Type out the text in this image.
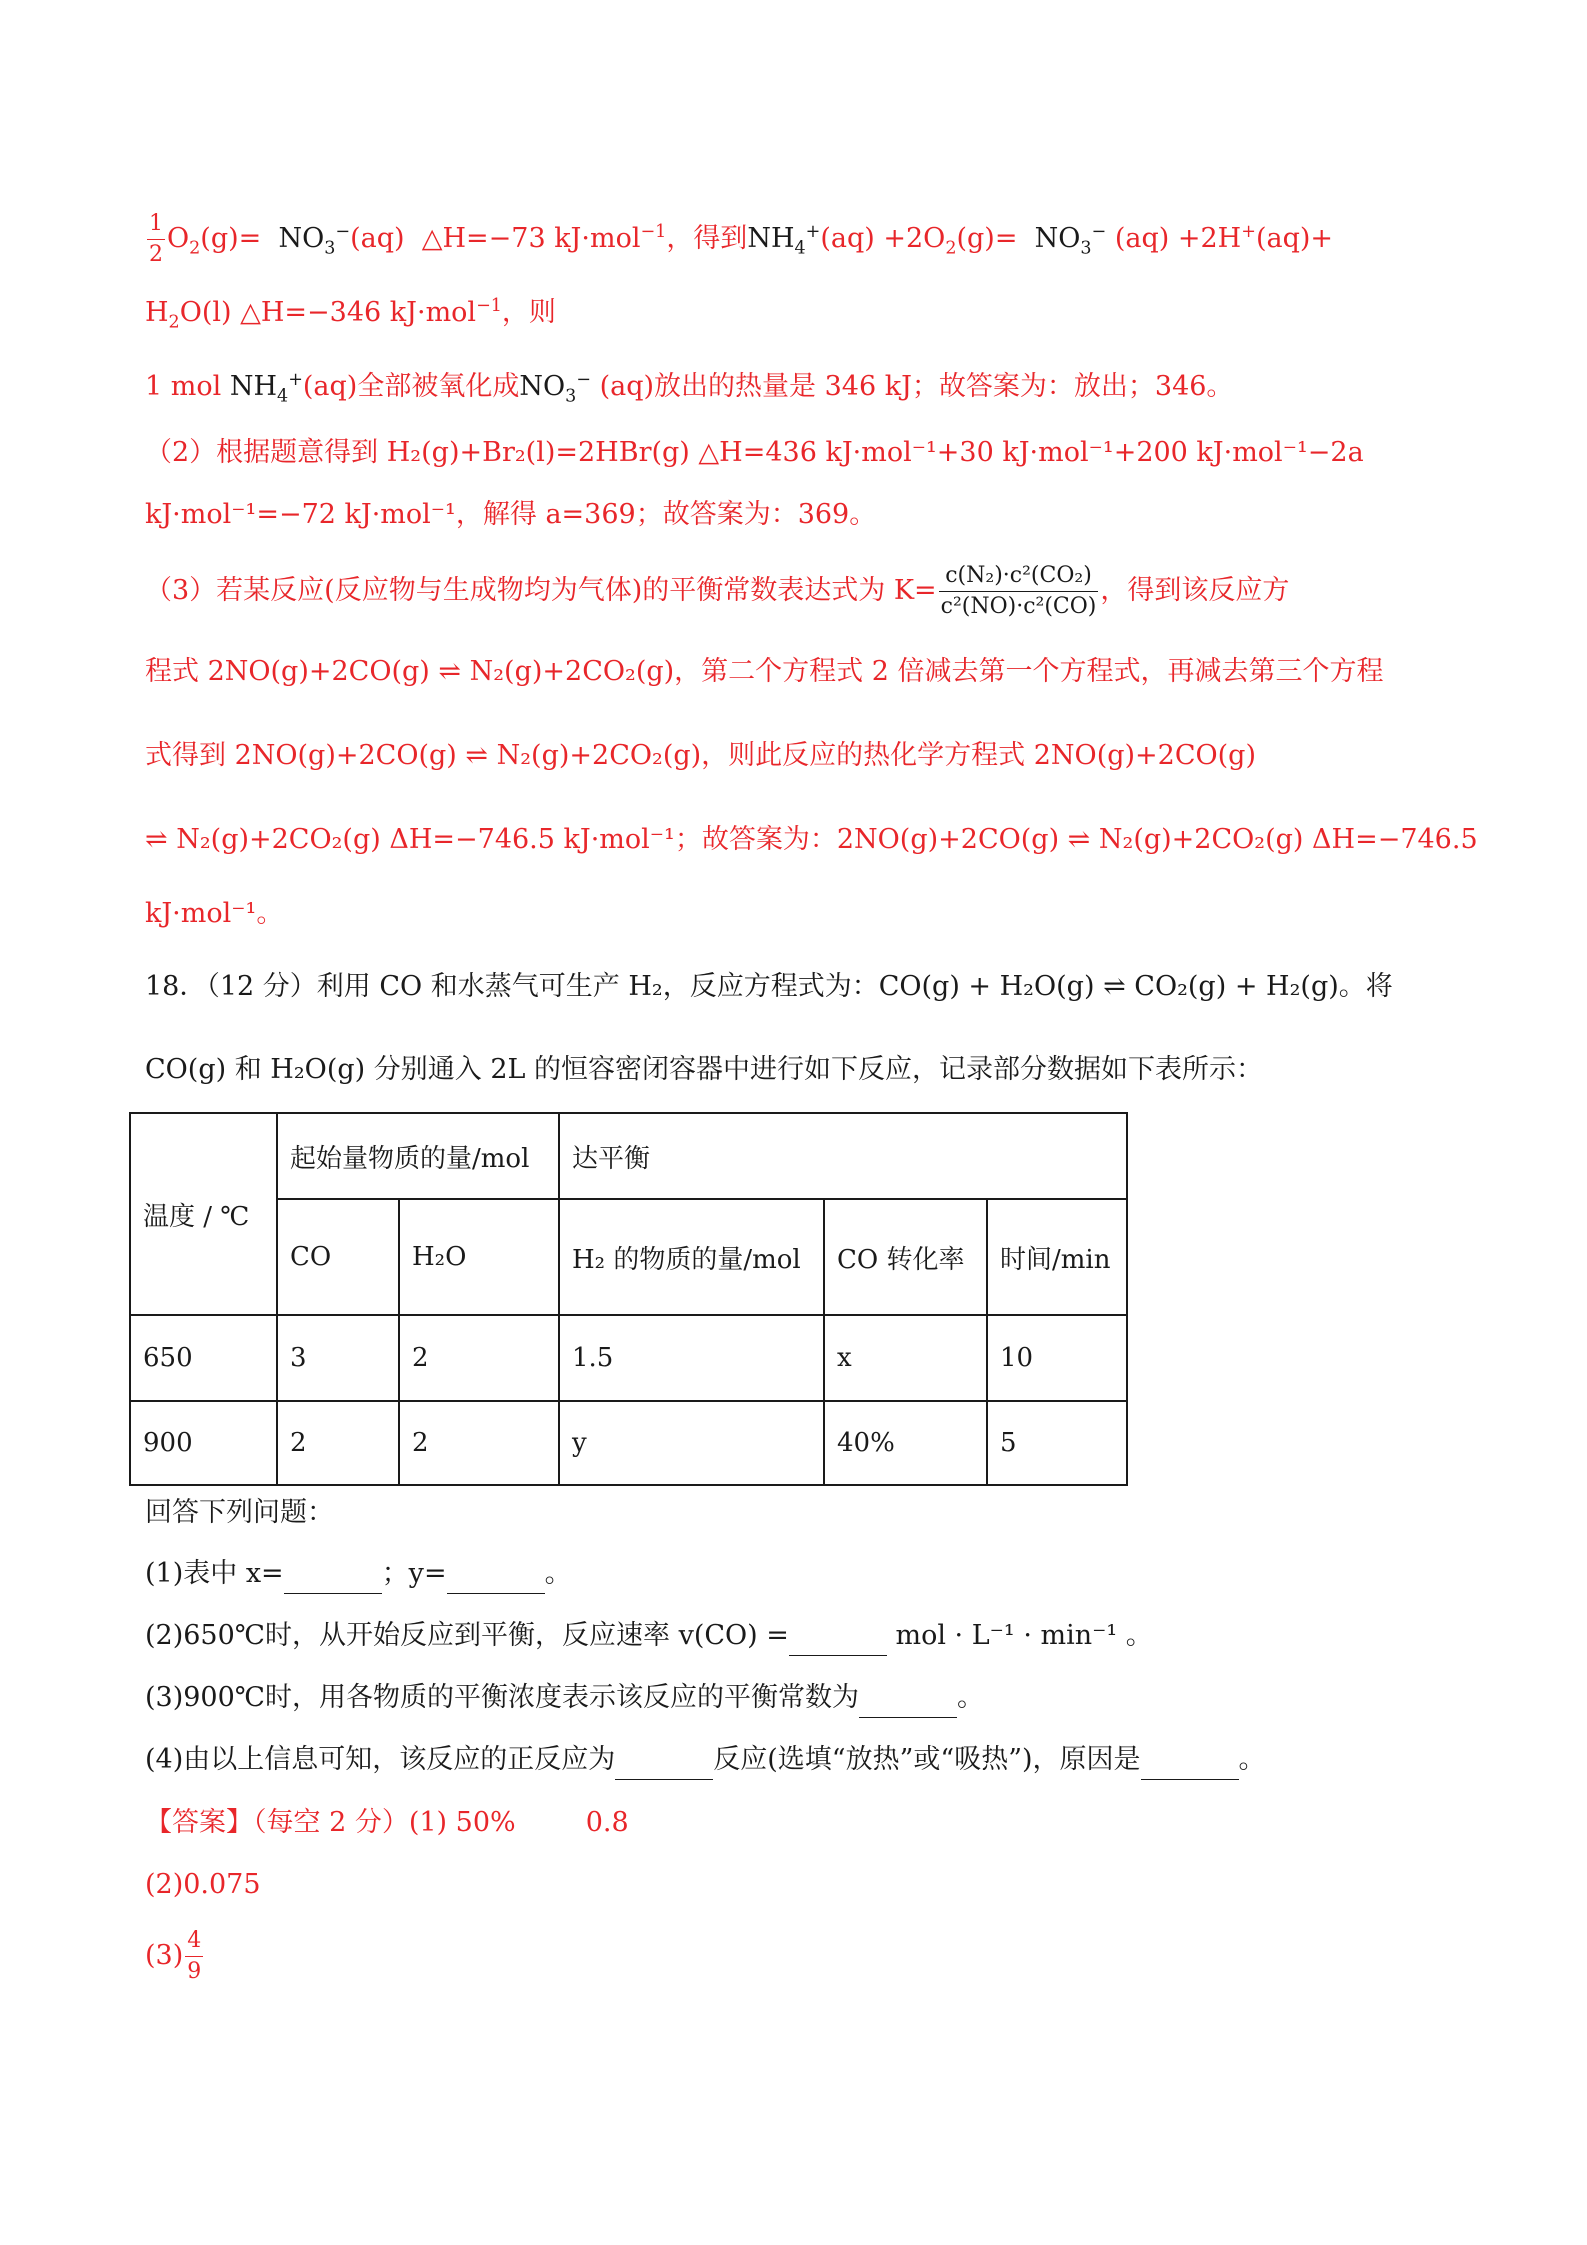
$\frac{1}{2} O_2(g)= NO_3^-(aq)$ △H=−73 kJ·mol$^{-1}$，得到$NH_4^+(aq) +2O_2(g)= NO_3^-$ (aq) +2H+(aq)+
$H_2O(l)$ △H=−346 kJ·mol$^{-1}$，则
1 mol $NH_4^+(aq)$全部被氧化成$NO_3^-$ (aq)放出的热量是 346 kJ；故答案为：放出；346。
（2）根据题意得到 H₂(g)+Br₂(l)=2HBr(g) △H=436 kJ·mol⁻¹+30 kJ·mol⁻¹+200 kJ·mol⁻¹−2a
kJ·mol⁻¹=−72 kJ·mol⁻¹，解得 a=369；故答案为：369。
（3）若某反应(反应物与生成物均为气体)的平衡常数表达式为 $K= \frac{\text{c(N₂)·c²(CO₂)}}{\text{c²(NO)·c²(CO)}}$ ，得到该反应方
程式 2NO(g)+2CO(g) ⇌ N₂(g)+2CO₂(g)，第二个方程式 2 倍减去第一个方程式，再减去第三个方程
式得到 2NO(g)+2CO(g) ⇌ N₂(g)+2CO₂(g)，则此反应的热化学方程式 2NO(g)+2CO(g)
⇌ N₂(g)+2CO₂(g) ΔH=−746.5 kJ·mol⁻¹；故答案为：2NO(g)+2CO(g) ⇌ N₂(g)+2CO₂(g) ΔH=−746.5
kJ·mol⁻¹。
18．（12 分）利用 CO 和水蒸气可生产 H₂，反应方程式为：CO(g) + H₂O(g) ⇌ CO₂(g) + H₂(g)。将
CO(g) 和 H₂O(g) 分别通入 2L 的恒容密闭容器中进行如下反应，记录部分数据如下表所示：
温度 / ℃	起始量物质的量/mol		达平衡		
	CO	H₂O	H₂ 的物质的量/mol	CO 转化率	时间/min
650	3	2	1.5	x	10
900	2	2	y	40%	5
回答下列问题：
(1)表中 x=	；y=	。
(2)650℃时，从开始反应到平衡，反应速率 v(CO) =	mol · L⁻¹ · min⁻¹ 。
(3)900℃时，用各物质的平衡浓度表示该反应的平衡常数为	。
(4)由以上信息可知，该反应的正反应为	反应(选填“放热”或“吸热”)，原因是	。
【答案】（每空 2 分）(1) 50%	0.8
(2)0.075
$(3) \frac{4}{9}$
